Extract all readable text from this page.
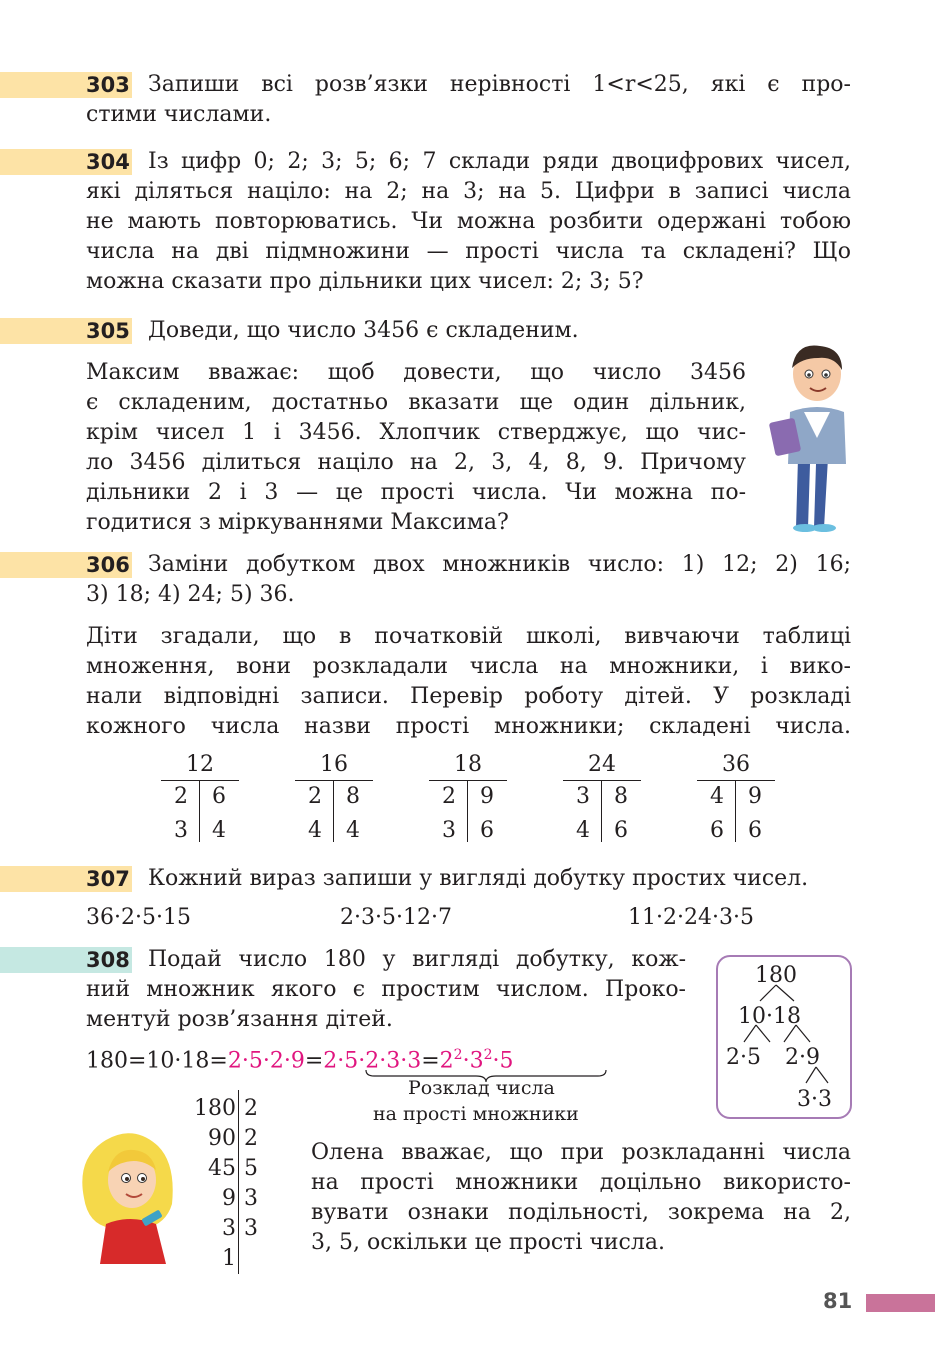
303 Запиши всі розв’язки нерівності 1<r<25, які є про-
стими числами.
304 Із цифр 0; 2; 3; 5; 6; 7 склади ряди двоцифрових чисел,
які діляться націло: на 2; на 3; на 5. Цифри в записі числа
не мають повторюватись. Чи можна розбити одержані тобою
числа на дві підмножини — прості числа та складені? Що
можна сказати про дільники цих чисел: 2; 3; 5?
305 Доведи, що число 3456 є складеним.
Максим вважає: щоб довести, що число 3456
є складеним, достатньо вказати ще один дільник,
крім чисел 1 і 3456. Хлопчик стверджує, що чис-
ло 3456 ділиться націло на 2, 3, 4, 8, 9. Причому
дільники 2 і 3 — це прості числа. Чи можна по-
годитися з міркуваннями Максима?
306 Заміни добутком двох множників число: 1) 12; 2) 16;
3) 18; 4) 24; 5) 36.
Діти згадали, що в початковій школі, вивчаючи таблиці
множення, вони розкладали числа на множники, і вико-
нали відповідні записи. Перевір роботу дітей. У розкладі
кожного числа назви прості множники; складені числа.
12
2 6
3 4
16
2 8
4 4
18
2 9
3 6
24
3 8
4 6
36
4 9
6 6
307 Кожний вираз запиши у вигляді добутку простих чисел.
36·2·5·15	2·3·5·12·7	11·2·24·3·5
308 Подай число 180 у вигляді добутку, кож-
ний множник якого є простим числом. Проко-
ментуй розв’язання дітей.
$180=10\cdot 18=2\cdot 5\cdot 2\cdot 9=2\cdot 5\cdot 2\cdot 3\cdot 3=2^2\cdot 3^2\cdot 5$
Розклад числа
на прості множники
180
10·18
2·5 2·9
3·3
180
90
45
9
3
1
2
2
5
3
3
Олена вважає, що при розкладанні числа
на прості множники доцільно використо-
вувати ознаки подільності, зокрема на 2,
3, 5, оскільки це прості числа.
81
